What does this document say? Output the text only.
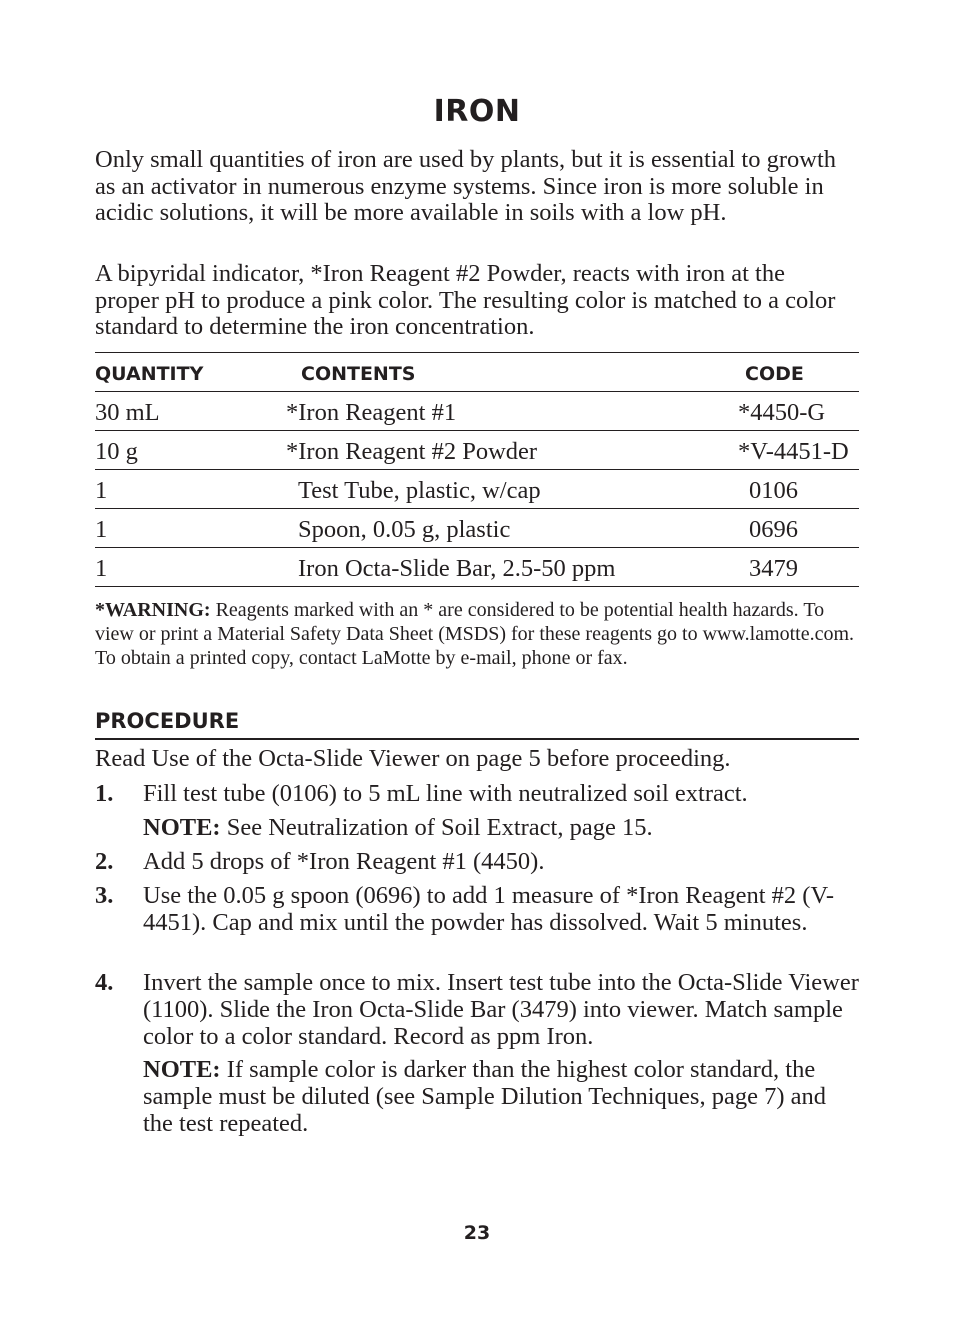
IRON

Only small quantities of iron are used by plants, but it is essential to growth as an activator in numerous enzyme systems. Since iron is more soluble in acidic solutions, it will be more available in soils with a low pH.

A bipyridal indicator, *Iron Reagent #2 Powder, reacts with iron at the proper pH to produce a pink color. The resulting color is matched to a color standard to determine the iron concentration.

QUANTITY	CONTENTS	CODE
30 mL	*Iron Reagent #1	*4450-G
10 g	*Iron Reagent #2 Powder	*V-4451-D
1	Test Tube, plastic, w/cap	0106
1	Spoon, 0.05 g, plastic	0696
1	Iron Octa-Slide Bar, 2.5-50 ppm	3479

*WARNING: Reagents marked with an * are considered to be potential health hazards. To view or print a Material Safety Data Sheet (MSDS) for these reagents go to www.lamotte.com. To obtain a printed copy, contact LaMotte by e-mail, phone or fax.

PROCEDURE

Read Use of the Octa-Slide Viewer on page 5 before proceeding.

1. Fill test tube (0106) to 5 mL line with neutralized soil extract.
NOTE: See Neutralization of Soil Extract, page 15.
2. Add 5 drops of *Iron Reagent #1 (4450).
3. Use the 0.05 g spoon (0696) to add 1 measure of *Iron Reagent #2 (V-4451). Cap and mix until the powder has dissolved. Wait 5 minutes.
4. Invert the sample once to mix. Insert test tube into the Octa-Slide Viewer (1100). Slide the Iron Octa-Slide Bar (3479) into viewer. Match sample color to a color standard. Record as ppm Iron.
NOTE: If sample color is darker than the highest color standard, the sample must be diluted (see Sample Dilution Techniques, page 7) and the test repeated.
23
